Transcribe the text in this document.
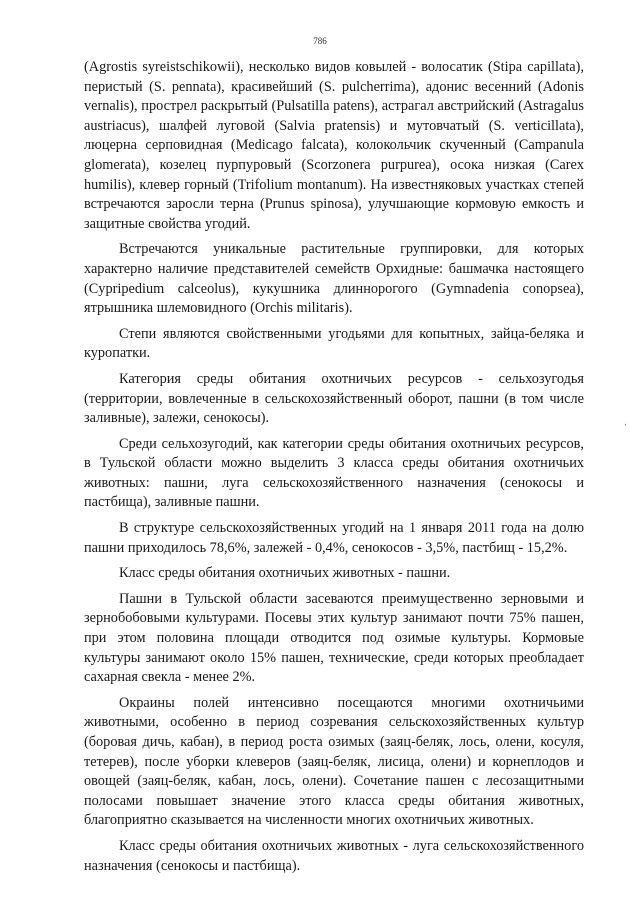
786

(Agrostis syreistschikowii), несколько видов ковылей - волосатик (Stipa capillata), перистый (S. pennata), красивейший (S. pulcherrima), адонис весенний (Adonis vernalis), прострел раскрытый (Pulsatilla patens), астрагал австрийский (Astragalus austriacus), шалфей луговой (Salvia pratensis) и мутовчатый (S. verticillata), люцерна серповидная (Medicago falcata), колокольчик скученный (Campanula glomerata), козелец пурпуровый (Scorzonera purpurea), осока низкая (Carex humilis), клевер горный (Trifolium montanum). На известняковых участках степей встречаются заросли терна (Prunus spinosa), улучшающие кормовую емкость и защитные свойства угодий.

Встречаются уникальные растительные группировки, для которых характерно наличие представителей семейств Орхидные: башмачка настоящего (Cypripedium calceolus), кукушника длиннорогого (Gymnadenia conopsea), ятрышника шлемовидного (Orchis militaris).

Степи являются свойственными угодьями для копытных, зайца-беляка и куропатки.

Категория среды обитания охотничьих ресурсов - сельхозугодья (территории, вовлеченные в сельскохозяйственный оборот, пашни (в том числе заливные), залежи, сенокосы).

Среди сельхозугодий, как категории среды обитания охотничьих ресурсов, в Тульской области можно выделить 3 класса среды обитания охотничьих животных: пашни, луга сельскохозяйственного назначения (сенокосы и пастбища), заливные пашни.

В структуре сельскохозяйственных угодий на 1 января 2011 года на долю пашни приходилось 78,6%, залежей - 0,4%, сенокосов - 3,5%, пастбищ - 15,2%.

Класс среды обитания охотничьих животных - пашни.

Пашни в Тульской области засеваются преимущественно зерновыми и зернобобовыми культурами. Посевы этих культур занимают почти 75% пашен, при этом половина площади отводится под озимые культуры. Кормовые культуры занимают около 15% пашен, технические, среди которых преобладает сахарная свекла - менее 2%.

Окраины полей интенсивно посещаются многими охотничьими животными, особенно в период созревания сельскохозяйственных культур (боровая дичь, кабан), в период роста озимых (заяц-беляк, лось, олени, косуля, тетерев), после уборки клеверов (заяц-беляк, лисица, олени) и корнеплодов и овощей (заяц-беляк, кабан, лось, олени). Сочетание пашен с лесозащитными полосами повышает значение этого класса среды обитания животных, благоприятно сказывается на численности многих охотничьих животных.

Класс среды обитания охотничьих животных - луга сельскохозяйственного назначения (сенокосы и пастбища).

,
